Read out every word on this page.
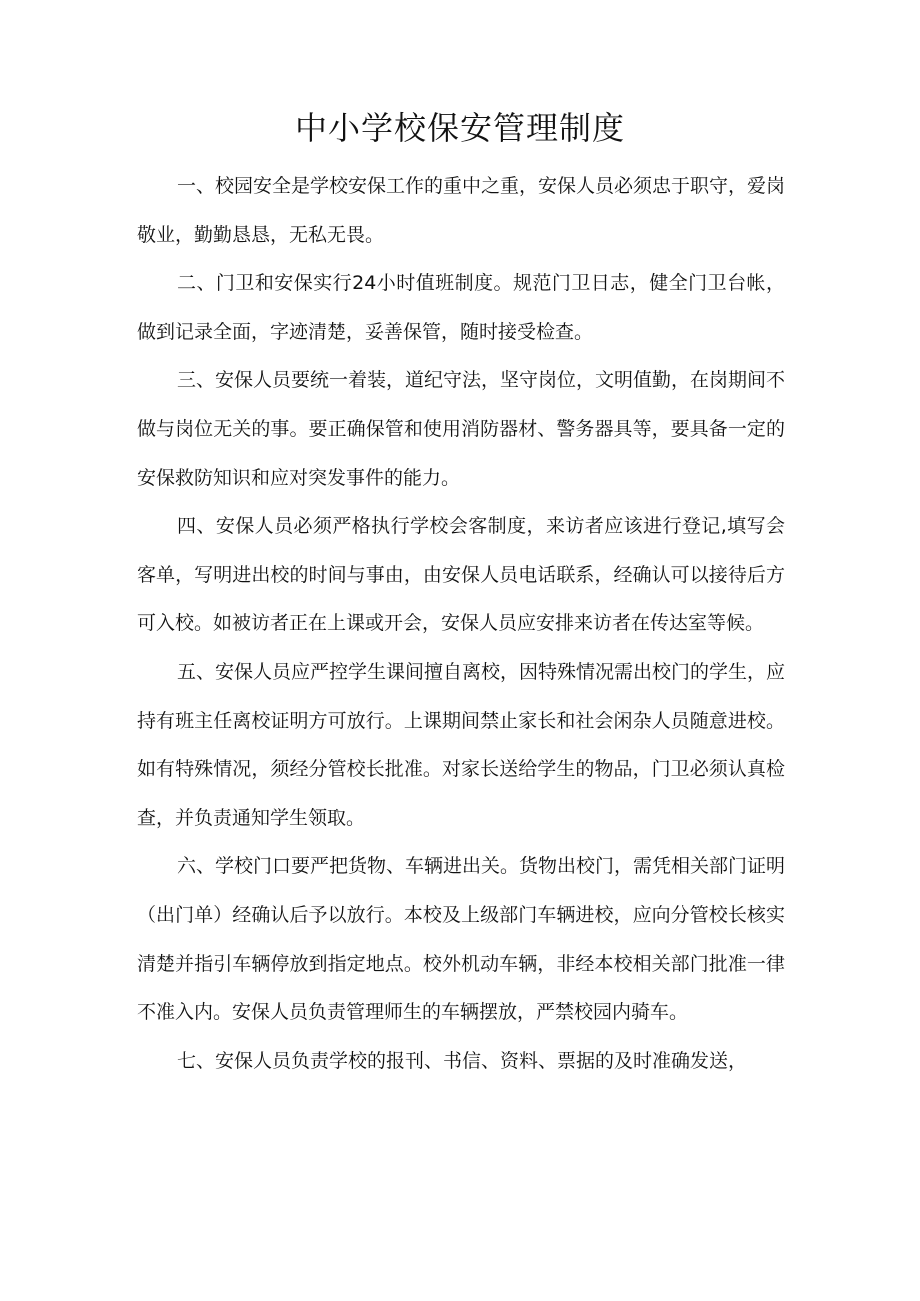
中小学校保安管理制度

一、校园安全是学校安保工作的重中之重，安保人员必须忠于职守，爱岗敬业，勤勤恳恳，无私无畏。

二、门卫和安保实行24小时值班制度。规范门卫日志，健全门卫台帐，做到记录全面，字迹清楚，妥善保管，随时接受检查。

三、安保人员要统一着装，道纪守法，坚守岗位，文明值勤，在岗期间不做与岗位无关的事。要正确保管和使用消防器材、警务器具等，要具备一定的安保救防知识和应对突发事件的能力。

四、安保人员必须严格执行学校会客制度，来访者应该进行登记,填写会客单，写明进出校的时间与事由，由安保人员电话联系，经确认可以接待后方可入校。如被访者正在上课或开会，安保人员应安排来访者在传达室等候。

五、安保人员应严控学生课间擅自离校，因特殊情况需出校门的学生，应持有班主任离校证明方可放行。上课期间禁止家长和社会闲杂人员随意进校。如有特殊情况，须经分管校长批准。对家长送给学生的物品，门卫必须认真检查，并负责通知学生领取。

六、学校门口要严把货物、车辆进出关。货物出校门，需凭相关部门证明（出门单）经确认后予以放行。本校及上级部门车辆进校，应向分管校长核实清楚并指引车辆停放到指定地点。校外机动车辆，非经本校相关部门批准一律不准入内。安保人员负责管理师生的车辆摆放，严禁校园内骑车。

七、安保人员负责学校的报刊、书信、资料、票据的及时准确发送，
